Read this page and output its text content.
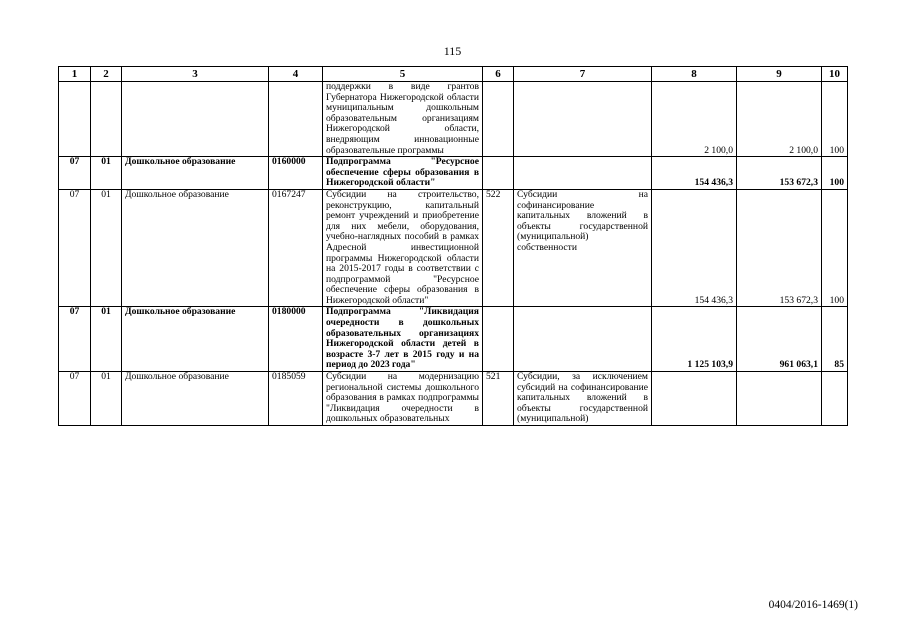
115
1	2	3	4	5	6	7	8	9	10
				поддержки в виде грантов Губернатора Нижегородской области муниципальным дошкольным образовательным организациям Нижегородской области, внедряющим инновационные образовательные программы			2 100,0	2 100,0	100
07	01	Дошкольное образование	0160000	Подпрограмма "Ресурсное обеспечение сферы образования в Нижегородской области"			154 436,3	153 672,3	100
07	01	Дошкольное образование	0167247	Субсидии на строительство, реконструкцию, капитальный ремонт учреждений и приобретение для них мебели, оборудования, учебно-наглядных пособий в рамках Адресной инвестиционной программы Нижегородской области на 2015-2017 годы в соответствии с подпрограммой "Ресурсное обеспечение сферы образования в Нижегородской области"	522	Субсидии на софинансирование капитальных вложений в объекты государственной (муниципальной) собственности	154 436,3	153 672,3	100
07	01	Дошкольное образование	0180000	Подпрограмма "Ликвидация очередности в дошкольных образовательных организациях Нижегородской области детей в возрасте 3-7 лет в 2015 году и на период до 2023 года"			1 125 103,9	961 063,1	85
07	01	Дошкольное образование	0185059	Субсидии на модернизацию региональной системы дошкольного образования в рамках подпрограммы "Ликвидация очередности в дошкольных образовательных	521	Субсидии, за исключением субсидий на софинансирование капитальных вложений в объекты государственной (муниципальной)			
0404/2016-1469(1)
